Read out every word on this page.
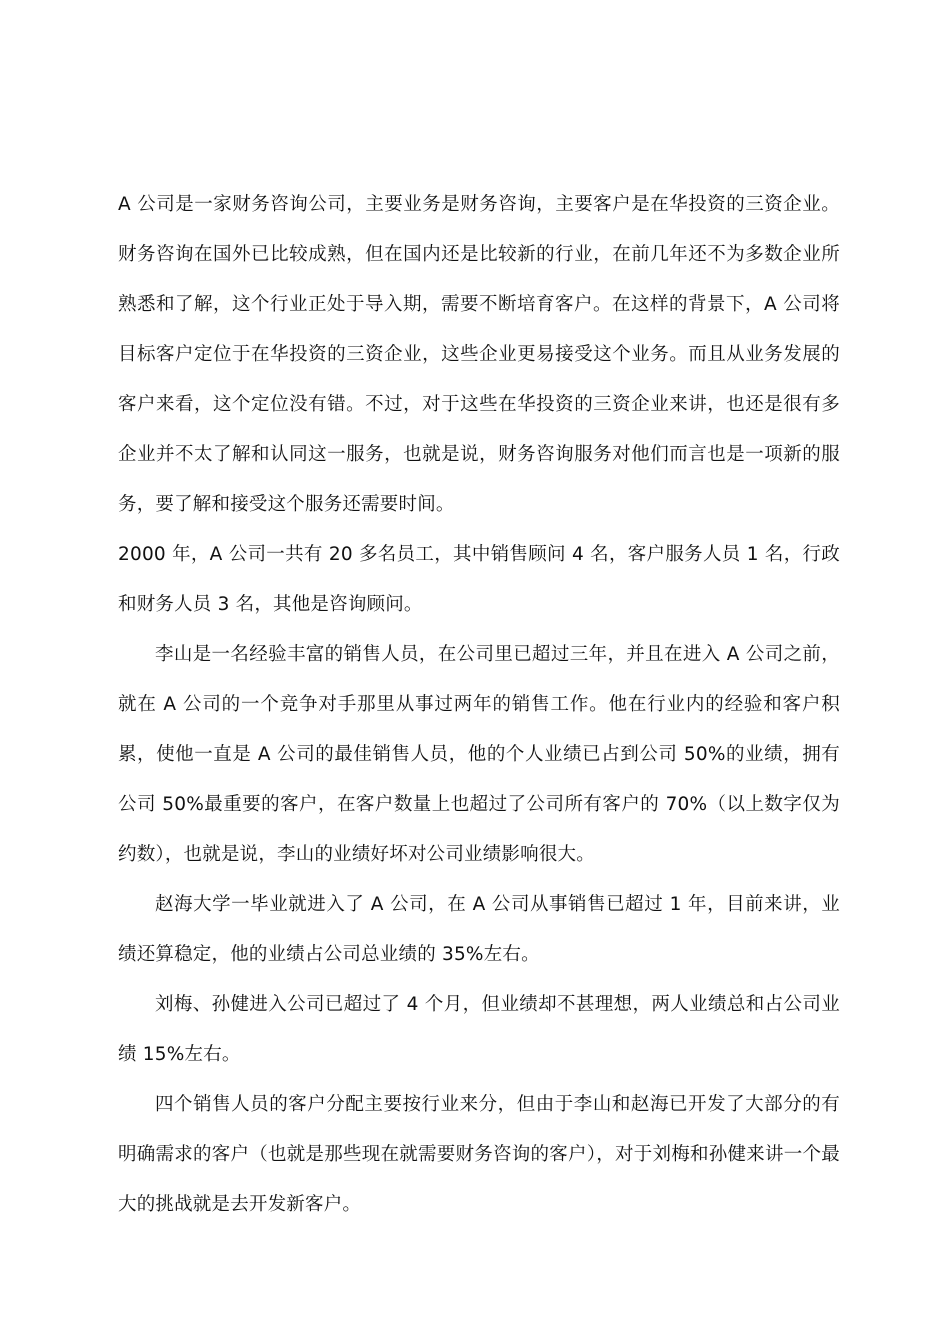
A 公司是一家财务咨询公司，主要业务是财务咨询，主要客户是在华投资的三资企业。财务咨询在国外已比较成熟，但在国内还是比较新的行业，在前几年还不为多数企业所熟悉和了解，这个行业正处于导入期，需要不断培育客户。在这样的背景下，A 公司将目标客户定位于在华投资的三资企业，这些企业更易接受这个业务。而且从业务发展的客户来看，这个定位没有错。不过，对于这些在华投资的三资企业来讲，也还是很有多企业并不太了解和认同这一服务，也就是说，财务咨询服务对他们而言也是一项新的服务，要了解和接受这个服务还需要时间。

2000 年，A 公司一共有 20 多名员工，其中销售顾问 4 名，客户服务人员 1 名，行政和财务人员 3 名，其他是咨询顾问。

李山是一名经验丰富的销售人员，在公司里已超过三年，并且在进入 A 公司之前，就在 A 公司的一个竞争对手那里从事过两年的销售工作。他在行业内的经验和客户积累，使他一直是 A 公司的最佳销售人员，他的个人业绩已占到公司 50%的业绩，拥有公司 50%最重要的客户，在客户数量上也超过了公司所有客户的 70%（以上数字仅为约数），也就是说，李山的业绩好坏对公司业绩影响很大。

赵海大学一毕业就进入了 A 公司，在 A 公司从事销售已超过 1 年，目前来讲，业绩还算稳定，他的业绩占公司总业绩的 35%左右。

刘梅、孙健进入公司已超过了 4 个月，但业绩却不甚理想，两人业绩总和占公司业绩 15%左右。

四个销售人员的客户分配主要按行业来分，但由于李山和赵海已开发了大部分的有明确需求的客户（也就是那些现在就需要财务咨询的客户），对于刘梅和孙健来讲一个最大的挑战就是去开发新客户。
